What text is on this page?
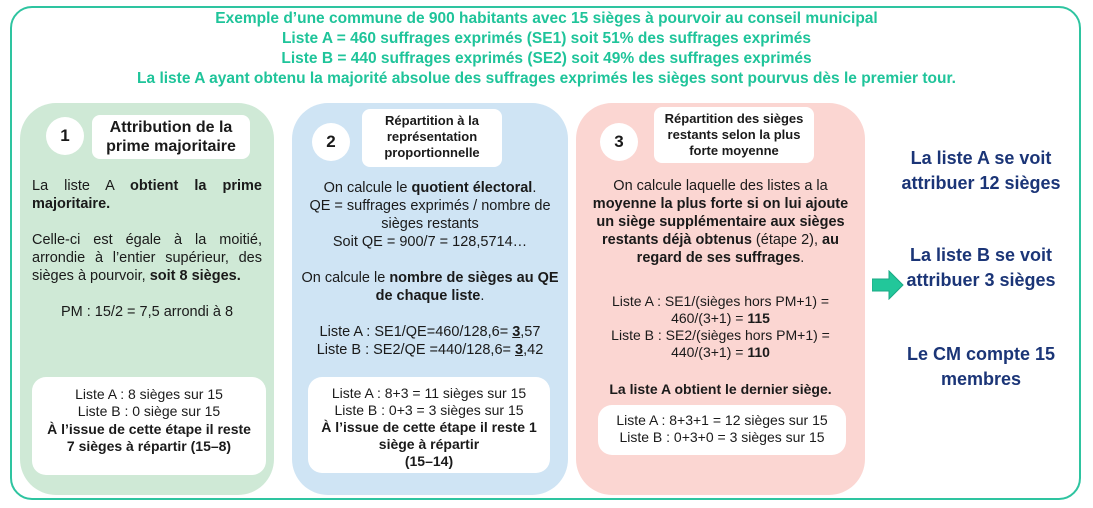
Exemple d’une commune de 900 habitants avec 15 sièges à pourvoir au conseil municipal
Liste A = 460 suffrages exprimés (SE1) soit 51% des suffrages exprimés
Liste B = 440 suffrages exprimés (SE2) soit 49% des suffrages exprimés
La liste A ayant obtenu la majorité absolue des suffrages exprimés les sièges sont pourvus dès le premier tour.
1	Attribution de la
prime majoritaire

La liste A obtient la prime majoritaire.

Celle-ci est égale à la moitié, arrondie à l’entier supérieur, des sièges à pourvoir, soit 8 sièges.

PM : 15/2 = 7,5 arrondi à 8

Liste A : 8 sièges sur 15
Liste B : 0 siège sur 15
À l’issue de cette étape il reste 7 sièges à répartir (15–8)
2
Répartition à la
représentation
proportionnelle

On calcule le quotient électoral.

QE = suffrages exprimés / nombre de sièges restants

Soit QE = 900/7 = 128,5714…

On calcule le nombre de sièges au QE de chaque liste.

Liste A : SE1/QE=460/128,6= 3,57

Liste B : SE2/QE =440/128,6= 3,42

Liste A : 8+3 = 11 sièges sur 15
Liste B : 0+3 = 3 sièges sur 15
À l’issue de cette étape il reste 1 siège à répartir
(15–14)
3
Répartition des sièges
restants selon la plus
forte moyenne

On calcule laquelle des listes a la moyenne la plus forte si on lui ajoute un siège supplémentaire aux sièges restants déjà obtenus (étape 2), au regard de ses suffrages.

Liste A : SE1/(sièges hors PM+1) =
460/(3+1) = 115
Liste B : SE2/(sièges hors PM+1) =
440/(3+1) = 110
La liste A obtient le dernier siège.
Liste A : 8+3+1 = 12 sièges sur 15
Liste B : 0+3+0 = 3 sièges sur 15
La liste A se voit attribuer 12 sièges
La liste B se voit attribuer 3 sièges
Le CM compte 15 membres
